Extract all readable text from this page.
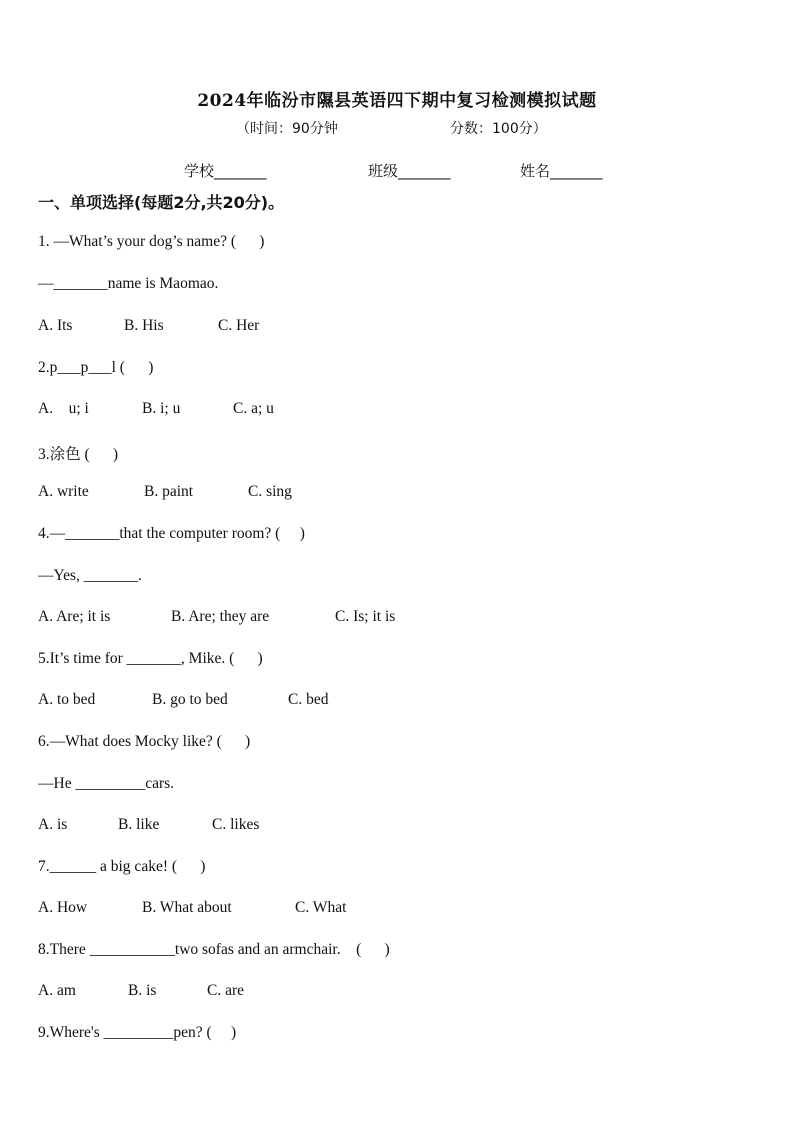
2024年临汾市隰县英语四下期中复习检测模拟试题
（时间：90分钟	分数：100分）
学校_______	班级_______	姓名_______
一、单项选择(每题2分,共20分)。
1. —What’s your dog’s name? (      )
—_______name is Maomao.
A. Its	B. His	C. Her
2.p___p___l (      )
A.    u; i	B. i; u	C. a; u
3.涂色 (      )
A. write	B. paint	C. sing
4.—_______that the computer room? (     )
—Yes, _______.
A. Are; it is	B. Are; they are	C. Is; it is
5.It’s time for _______, Mike. (      )
A. to bed	B. go to bed	C. bed
6.—What does Mocky like? (      )
—He _________cars.
A. is	B. like	C. likes
7.______ a big cake! (      )
A. How	B. What about	C. What
8.There ___________two sofas and an armchair.    (      )
A. am	B. is	C. are
9.Where's _________pen? (     )
